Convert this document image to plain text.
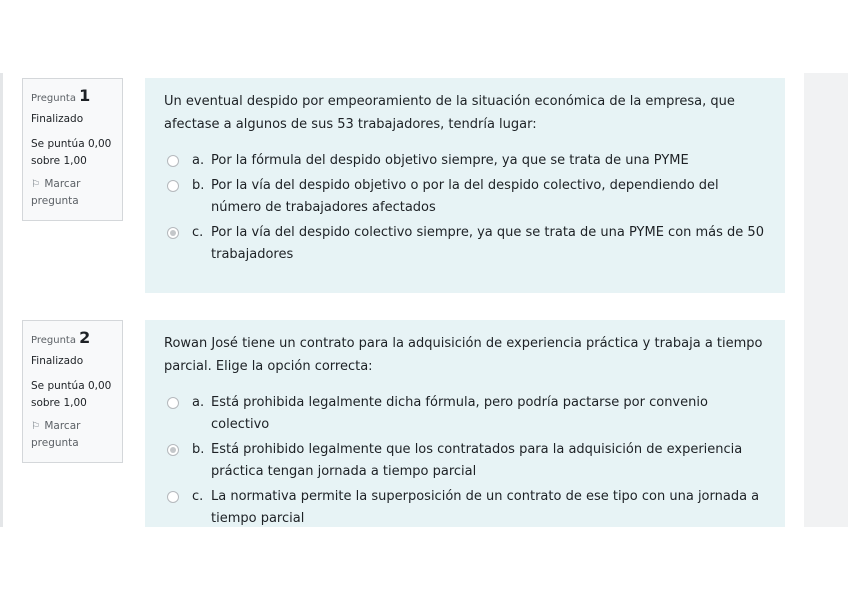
Pregunta 1
Finalizado
Se puntúa 0,00 sobre 1,00
⚐ Marcar pregunta
Un eventual despido por empeoramiento de la situación económica de la empresa, que afectase a algunos de sus 53 trabajadores, tendría lugar:
a. Por la fórmula del despido objetivo siempre, ya que se trata de una PYME
b. Por la vía del despido objetivo o por la del despido colectivo, dependiendo del número de trabajadores afectados
c. Por la vía del despido colectivo siempre, ya que se trata de una PYME con más de 50 trabajadores
Pregunta 2
Finalizado
Se puntúa 0,00 sobre 1,00
⚐ Marcar pregunta
Rowan José tiene un contrato para la adquisición de experiencia práctica y trabaja a tiempo parcial. Elige la opción correcta:
a. Está prohibida legalmente dicha fórmula, pero podría pactarse por convenio colectivo
b. Está prohibido legalmente que los contratados para la adquisición de experiencia práctica tengan jornada a tiempo parcial
c. La normativa permite la superposición de un contrato de ese tipo con una jornada a tiempo parcial
